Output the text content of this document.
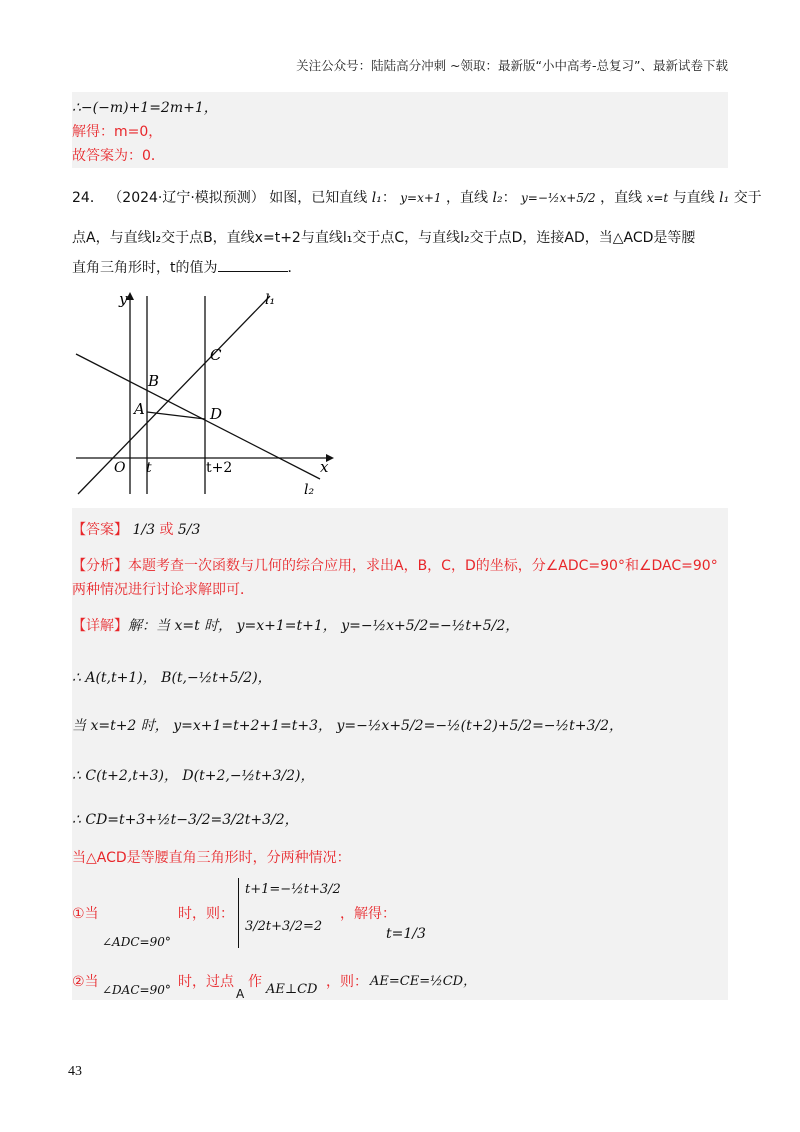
关注公众号：陆陆高分冲刺 ~领取：最新版“小中高考-总复习”、最新试卷下载
∴−(−m)+1=2m+1，
解得：m=0，
故答案为：0．
24． （2024·辽宁·模拟预测） 如图，已知直线 l₁： y=x+1 ，直线 l₂： y=−½x+5/2 ，直线 x=t 与直线 l₁ 交于
点A，与直线l₂交于点B，直线x=t+2与直线l₁交于点C，与直线l₂交于点D，连接AD，当△ACD是等腰
直角三角形时，t的值为	．
y
x
O t	t+2
A
B
C
D
l₁
l₂
【答案】 1/3 或 5/3
【分析】本题考查一次函数与几何的综合应用，求出A，B，C，D的坐标，分∠ADC=90°和∠DAC=90°
两种情况进行讨论求解即可．
【详解】解：当 x=t 时， y=x+1=t+1， y=−½x+5/2=−½t+5/2，
∴ A(t,t+1)， B(t,−½t+5/2)，
当 x=t+2 时， y=x+1=t+2+1=t+3， y=−½x+5/2=−½(t+2)+5/2=−½t+3/2，
∴ C(t+2,t+3)， D(t+2,−½t+3/2)，
∴ CD=t+3+½t−3/2=3/2t+3/2，
当△ACD是等腰直角三角形时，分两种情况：
①当
∠ADC=90°
时，则：
t+1=−½t+3/2
3/2t+3/2=2
，解得：
t=1/3
②当 ∠DAC=90° 时，过点
A
作 AE⊥CD ，则： AE=CE=½CD，
43
